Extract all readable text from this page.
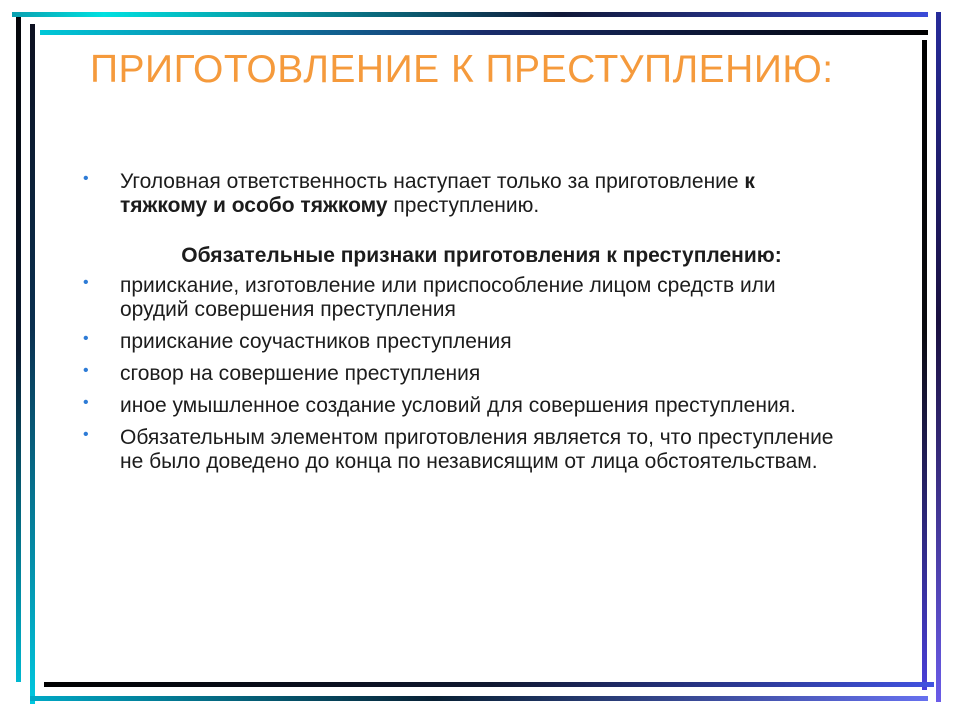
ПРИГОТОВЛЕНИЕ К ПРЕСТУПЛЕНИЮ:
• Уголовная ответственность наступает только за приготовление к тяжкому и особо тяжкому преступлению.
Обязательные признаки приготовления к преступлению:
• приискание, изготовление или приспособление лицом средств или орудий совершения преступления
• приискание соучастников преступления
• сговор на совершение преступления
• иное умышленное создание условий для совершения преступления.
• Обязательным элементом приготовления является то, что преступление не было доведено до конца по независящим от лица обстоятельствам.
